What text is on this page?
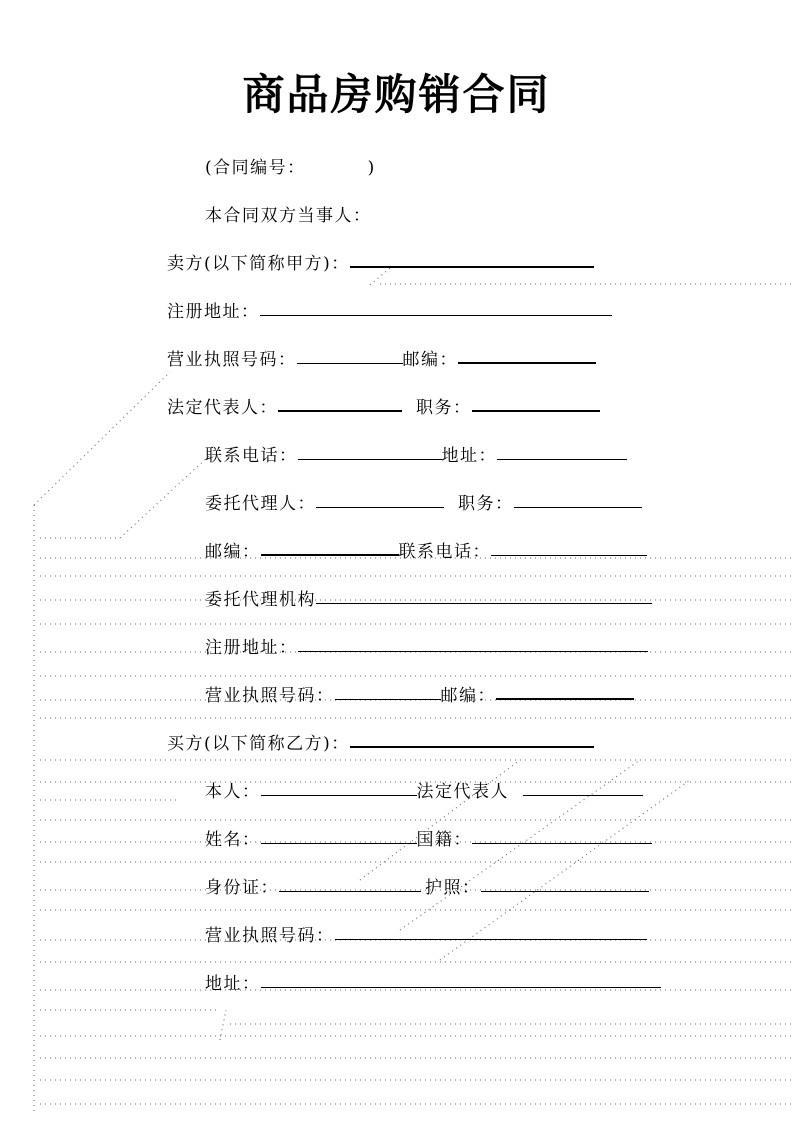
商品房购销合同
(合同编号：	)
本合同双方当事人：
卖方(以下简称甲方)：
注册地址：
营业执照号码：	邮编：
法定代表人：	职务：
联系电话：	地址：
委托代理人：	职务：
邮编：	联系电话：
委托代理机构
注册地址：
营业执照号码：	邮编：
买方(以下简称乙方)：
本人：	法定代表人
姓名：	国籍：
身份证：	护照：
营业执照号码：
地址：
